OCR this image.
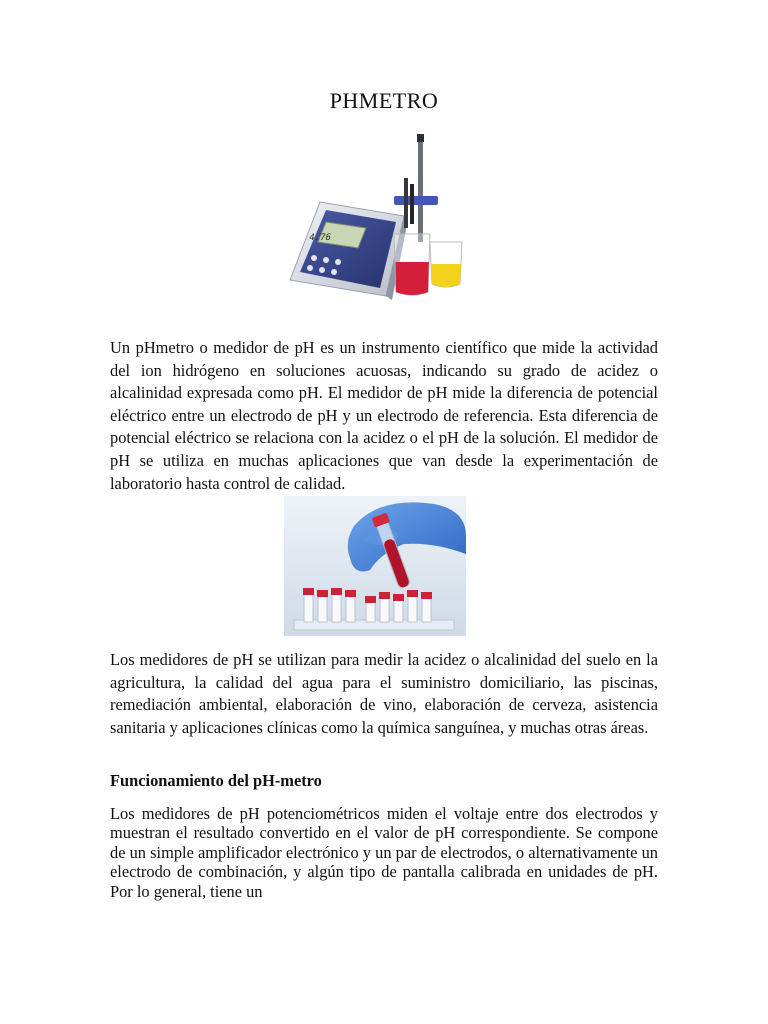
PHMETRO
4.76

Un pHmetro o medidor de pH es un instrumento científico que mide la actividad del ion hidrógeno en soluciones acuosas, indicando su grado de acidez o alcalinidad expresada como pH. El medidor de pH mide la diferencia de potencial eléctrico entre un electrodo de pH y un electrodo de referencia. Esta diferencia de potencial eléctrico se relaciona con la acidez o el pH de la solución. El medidor de pH se utiliza en muchas aplicaciones que van desde la experimentación de laboratorio hasta control de calidad.

Los medidores de pH se utilizan para medir la acidez o alcalinidad del suelo en la agricultura, la calidad del agua para el suministro domiciliario, las piscinas, remediación ambiental, elaboración de vino, elaboración de cerveza, asistencia sanitaria y aplicaciones clínicas como la química sanguínea, y muchas otras áreas.

Funcionamiento del pH-metro

Los medidores de pH potenciométricos miden el voltaje entre dos electrodos y muestran el resultado convertido en el valor de pH correspondiente. Se compone de un simple amplificador electrónico y un par de electrodos, o alternativamente un electrodo de combinación, y algún tipo de pantalla calibrada en unidades de pH. Por lo general, tiene un
